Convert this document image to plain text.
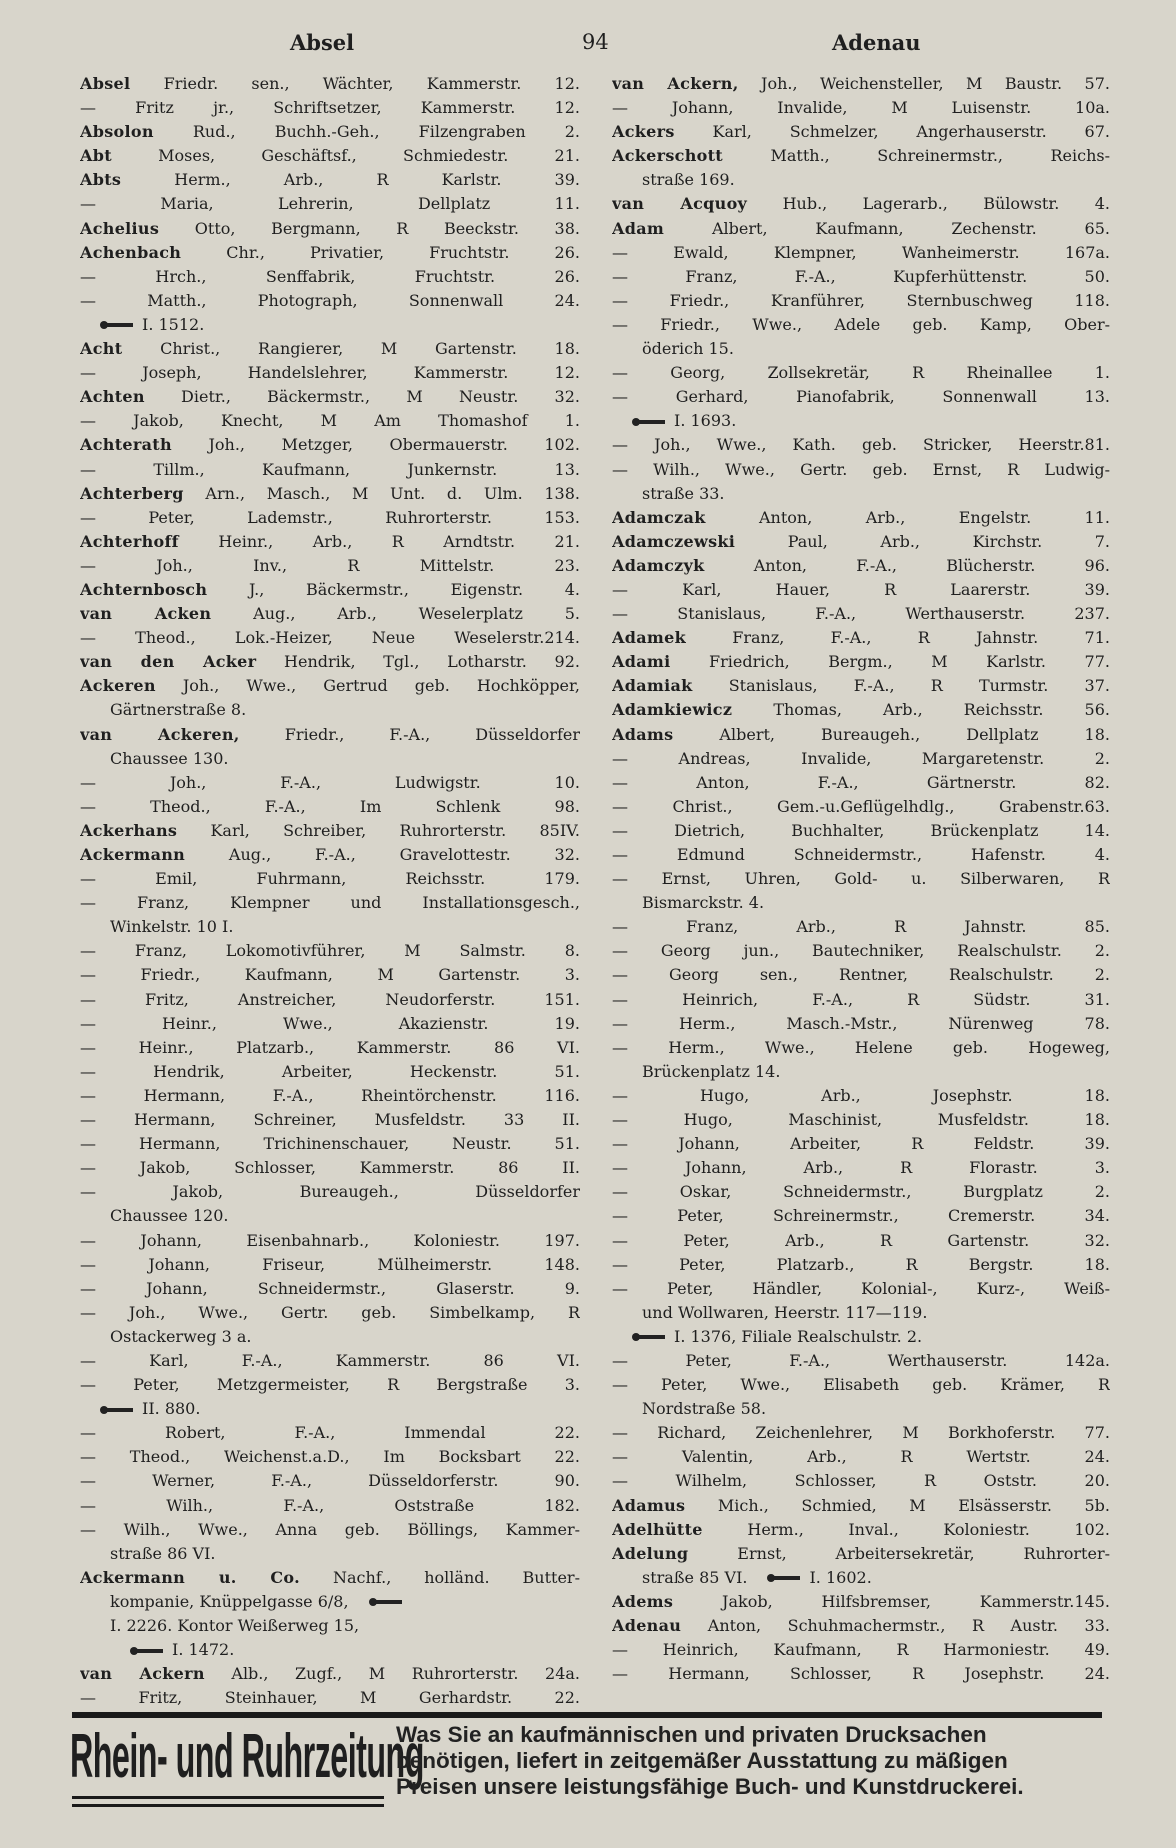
Absel	94	Adenau
Absel Friedr. sen., Wächter, Kammerstr. 12.
— Fritz jr., Schriftsetzer, Kammerstr. 12.
Absolon Rud., Buchh.-Geh., Filzengraben 2.
Abt Moses, Geschäftsf., Schmiedestr. 21.
Abts Herm., Arb., R Karlstr. 39.
— Maria, Lehrerin, Dellplatz 11.
Achelius Otto, Bergmann, R Beeckstr. 38.
Achenbach Chr., Privatier, Fruchtstr. 26.
— Hrch., Senffabrik, Fruchtstr. 26.
— Matth., Photograph, Sonnenwall 24.
I. 1512.
Acht Christ., Rangierer, M Gartenstr. 18.
— Joseph, Handelslehrer, Kammerstr. 12.
Achten Dietr., Bäckermstr., M Neustr. 32.
— Jakob, Knecht, M Am Thomashof 1.
Achterath Joh., Metzger, Obermauerstr. 102.
— Tillm., Kaufmann, Junkernstr. 13.
Achterberg Arn., Masch., M Unt. d. Ulm. 138.
— Peter, Lademstr., Ruhrorterstr. 153.
Achterhoff Heinr., Arb., R Arndtstr. 21.
— Joh., Inv., R Mittelstr. 23.
Achternbosch J., Bäckermstr., Eigenstr. 4.
van Acken Aug., Arb., Weselerplatz 5.
— Theod., Lok.-Heizer, Neue Weselerstr.214.
van den Acker Hendrik, Tgl., Lotharstr. 92.
Ackeren Joh., Wwe., Gertrud geb. Hochköpper,
Gärtnerstraße 8.
van Ackeren, Friedr., F.-A., Düsseldorfer
Chaussee 130.
— Joh., F.-A., Ludwigstr. 10.
— Theod., F.-A., Im Schlenk 98.
Ackerhans Karl, Schreiber, Ruhrorterstr. 85IV.
Ackermann Aug., F.-A., Gravelottestr. 32.
— Emil, Fuhrmann, Reichsstr. 179.
— Franz, Klempner und Installationsgesch.,
Winkelstr. 10 I.
— Franz, Lokomotivführer, M Salmstr. 8.
— Friedr., Kaufmann, M Gartenstr. 3.
— Fritz, Anstreicher, Neudorferstr. 151.
— Heinr., Wwe., Akazienstr. 19.
— Heinr., Platzarb., Kammerstr. 86 VI.
— Hendrik, Arbeiter, Heckenstr. 51.
— Hermann, F.-A., Rheintörchenstr. 116.
— Hermann, Schreiner, Musfeldstr. 33 II.
— Hermann, Trichinenschauer, Neustr. 51.
— Jakob, Schlosser, Kammerstr. 86 II.
— Jakob, Bureaugeh., Düsseldorfer
Chaussee 120.
— Johann, Eisenbahnarb., Koloniestr. 197.
— Johann, Friseur, Mülheimerstr. 148.
— Johann, Schneidermstr., Glaserstr. 9.
— Joh., Wwe., Gertr. geb. Simbelkamp, R
Ostackerweg 3 a.
— Karl, F.-A., Kammerstr. 86 VI.
— Peter, Metzgermeister, R Bergstraße 3.
II. 880.
— Robert, F.-A., Immendal 22.
— Theod., Weichenst.a.D., Im Bocksbart 22.
— Werner, F.-A., Düsseldorferstr. 90.
— Wilh., F.-A., Oststraße 182.
— Wilh., Wwe., Anna geb. Böllings, Kammer-
straße 86 VI.
Ackermann u. Co. Nachf., holländ. Butter-
kompanie, Knüppelgasse 6/8,
I. 2226. Kontor Weißerweg 15,
I. 1472.
van Ackern Alb., Zugf., M Ruhrorterstr. 24a.
— Fritz, Steinhauer, M Gerhardstr. 22.
van Ackern, Joh., Weichensteller, M Baustr. 57.
— Johann, Invalide, M Luisenstr. 10a.
Ackers Karl, Schmelzer, Angerhauserstr. 67.
Ackerschott Matth., Schreinermstr., Reichs-
straße 169.
van Acquoy Hub., Lagerarb., Bülowstr. 4.
Adam Albert, Kaufmann, Zechenstr. 65.
— Ewald, Klempner, Wanheimerstr. 167a.
— Franz, F.-A., Kupferhüttenstr. 50.
— Friedr., Kranführer, Sternbuschweg 118.
— Friedr., Wwe., Adele geb. Kamp, Ober-
öderich 15.
— Georg, Zollsekretär, R Rheinallee 1.
— Gerhard, Pianofabrik, Sonnenwall 13.
I. 1693.
— Joh., Wwe., Kath. geb. Stricker, Heerstr.81.
— Wilh., Wwe., Gertr. geb. Ernst, R Ludwig-
straße 33.
Adamczak Anton, Arb., Engelstr. 11.
Adamczewski Paul, Arb., Kirchstr. 7.
Adamczyk Anton, F.-A., Blücherstr. 96.
— Karl, Hauer, R Laarerstr. 39.
— Stanislaus, F.-A., Werthauserstr. 237.
Adamek Franz, F.-A., R Jahnstr. 71.
Adami Friedrich, Bergm., M Karlstr. 77.
Adamiak Stanislaus, F.-A., R Turmstr. 37.
Adamkiewicz Thomas, Arb., Reichsstr. 56.
Adams Albert, Bureaugeh., Dellplatz 18.
— Andreas, Invalide, Margaretenstr. 2.
— Anton, F.-A., Gärtnerstr. 82.
— Christ., Gem.-u.Geflügelhdlg., Grabenstr.63.
— Dietrich, Buchhalter, Brückenplatz 14.
— Edmund Schneidermstr., Hafenstr. 4.
— Ernst, Uhren, Gold- u. Silberwaren, R
Bismarckstr. 4.
— Franz, Arb., R Jahnstr. 85.
— Georg jun., Bautechniker, Realschulstr. 2.
— Georg sen., Rentner, Realschulstr. 2.
— Heinrich, F.-A., R Südstr. 31.
— Herm., Masch.-Mstr., Nürenweg 78.
— Herm., Wwe., Helene geb. Hogeweg,
Brückenplatz 14.
— Hugo, Arb., Josephstr. 18.
— Hugo, Maschinist, Musfeldstr. 18.
— Johann, Arbeiter, R Feldstr. 39.
— Johann, Arb., R Florastr. 3.
— Oskar, Schneidermstr., Burgplatz 2.
— Peter, Schreinermstr., Cremerstr. 34.
— Peter, Arb., R Gartenstr. 32.
— Peter, Platzarb., R Bergstr. 18.
— Peter, Händler, Kolonial-, Kurz-, Weiß-
und Wollwaren, Heerstr. 117—119.
I. 1376, Filiale Realschulstr. 2.
— Peter, F.-A., Werthauserstr. 142a.
— Peter, Wwe., Elisabeth geb. Krämer, R
Nordstraße 58.
— Richard, Zeichenlehrer, M Borkhoferstr. 77.
— Valentin, Arb., R Wertstr. 24.
— Wilhelm, Schlosser, R Oststr. 20.
Adamus Mich., Schmied, M Elsässerstr. 5b.
Adelhütte Herm., Inval., Koloniestr. 102.
Adelung Ernst, Arbeitersekretär, Ruhrorter-
straße 85 VI.	I. 1602.
Adems Jakob, Hilfsbremser, Kammerstr.145.
Adenau Anton, Schuhmachermstr., R Austr. 33.
— Heinrich, Kaufmann, R Harmoniestr. 49.
— Hermann, Schlosser, R Josephstr. 24.
Rhein- und Ruhrzeitung
Was Sie an kaufmännischen und privaten Drucksachen
benötigen, liefert in zeitgemäßer Ausstattung zu mäßigen
Preisen unsere leistungsfähige Buch- und Kunstdruckerei.
